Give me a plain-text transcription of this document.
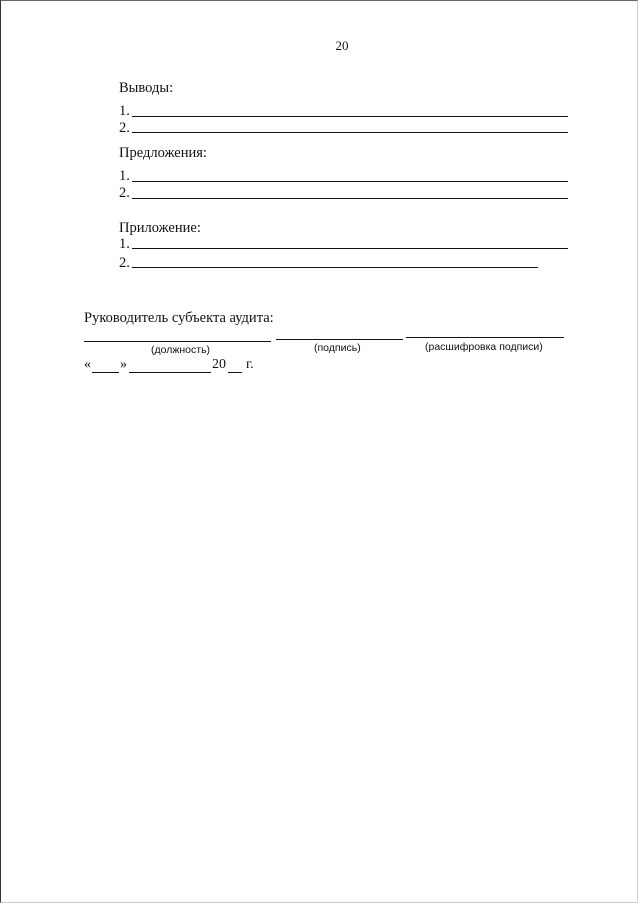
20
Выводы:
1.
2.
Предложения:
1.
2.
Приложение:
1.
2.
Руководитель субъекта аудита:
(должность)	(подпись)	(расшифровка подписи)
« »	20 г.
